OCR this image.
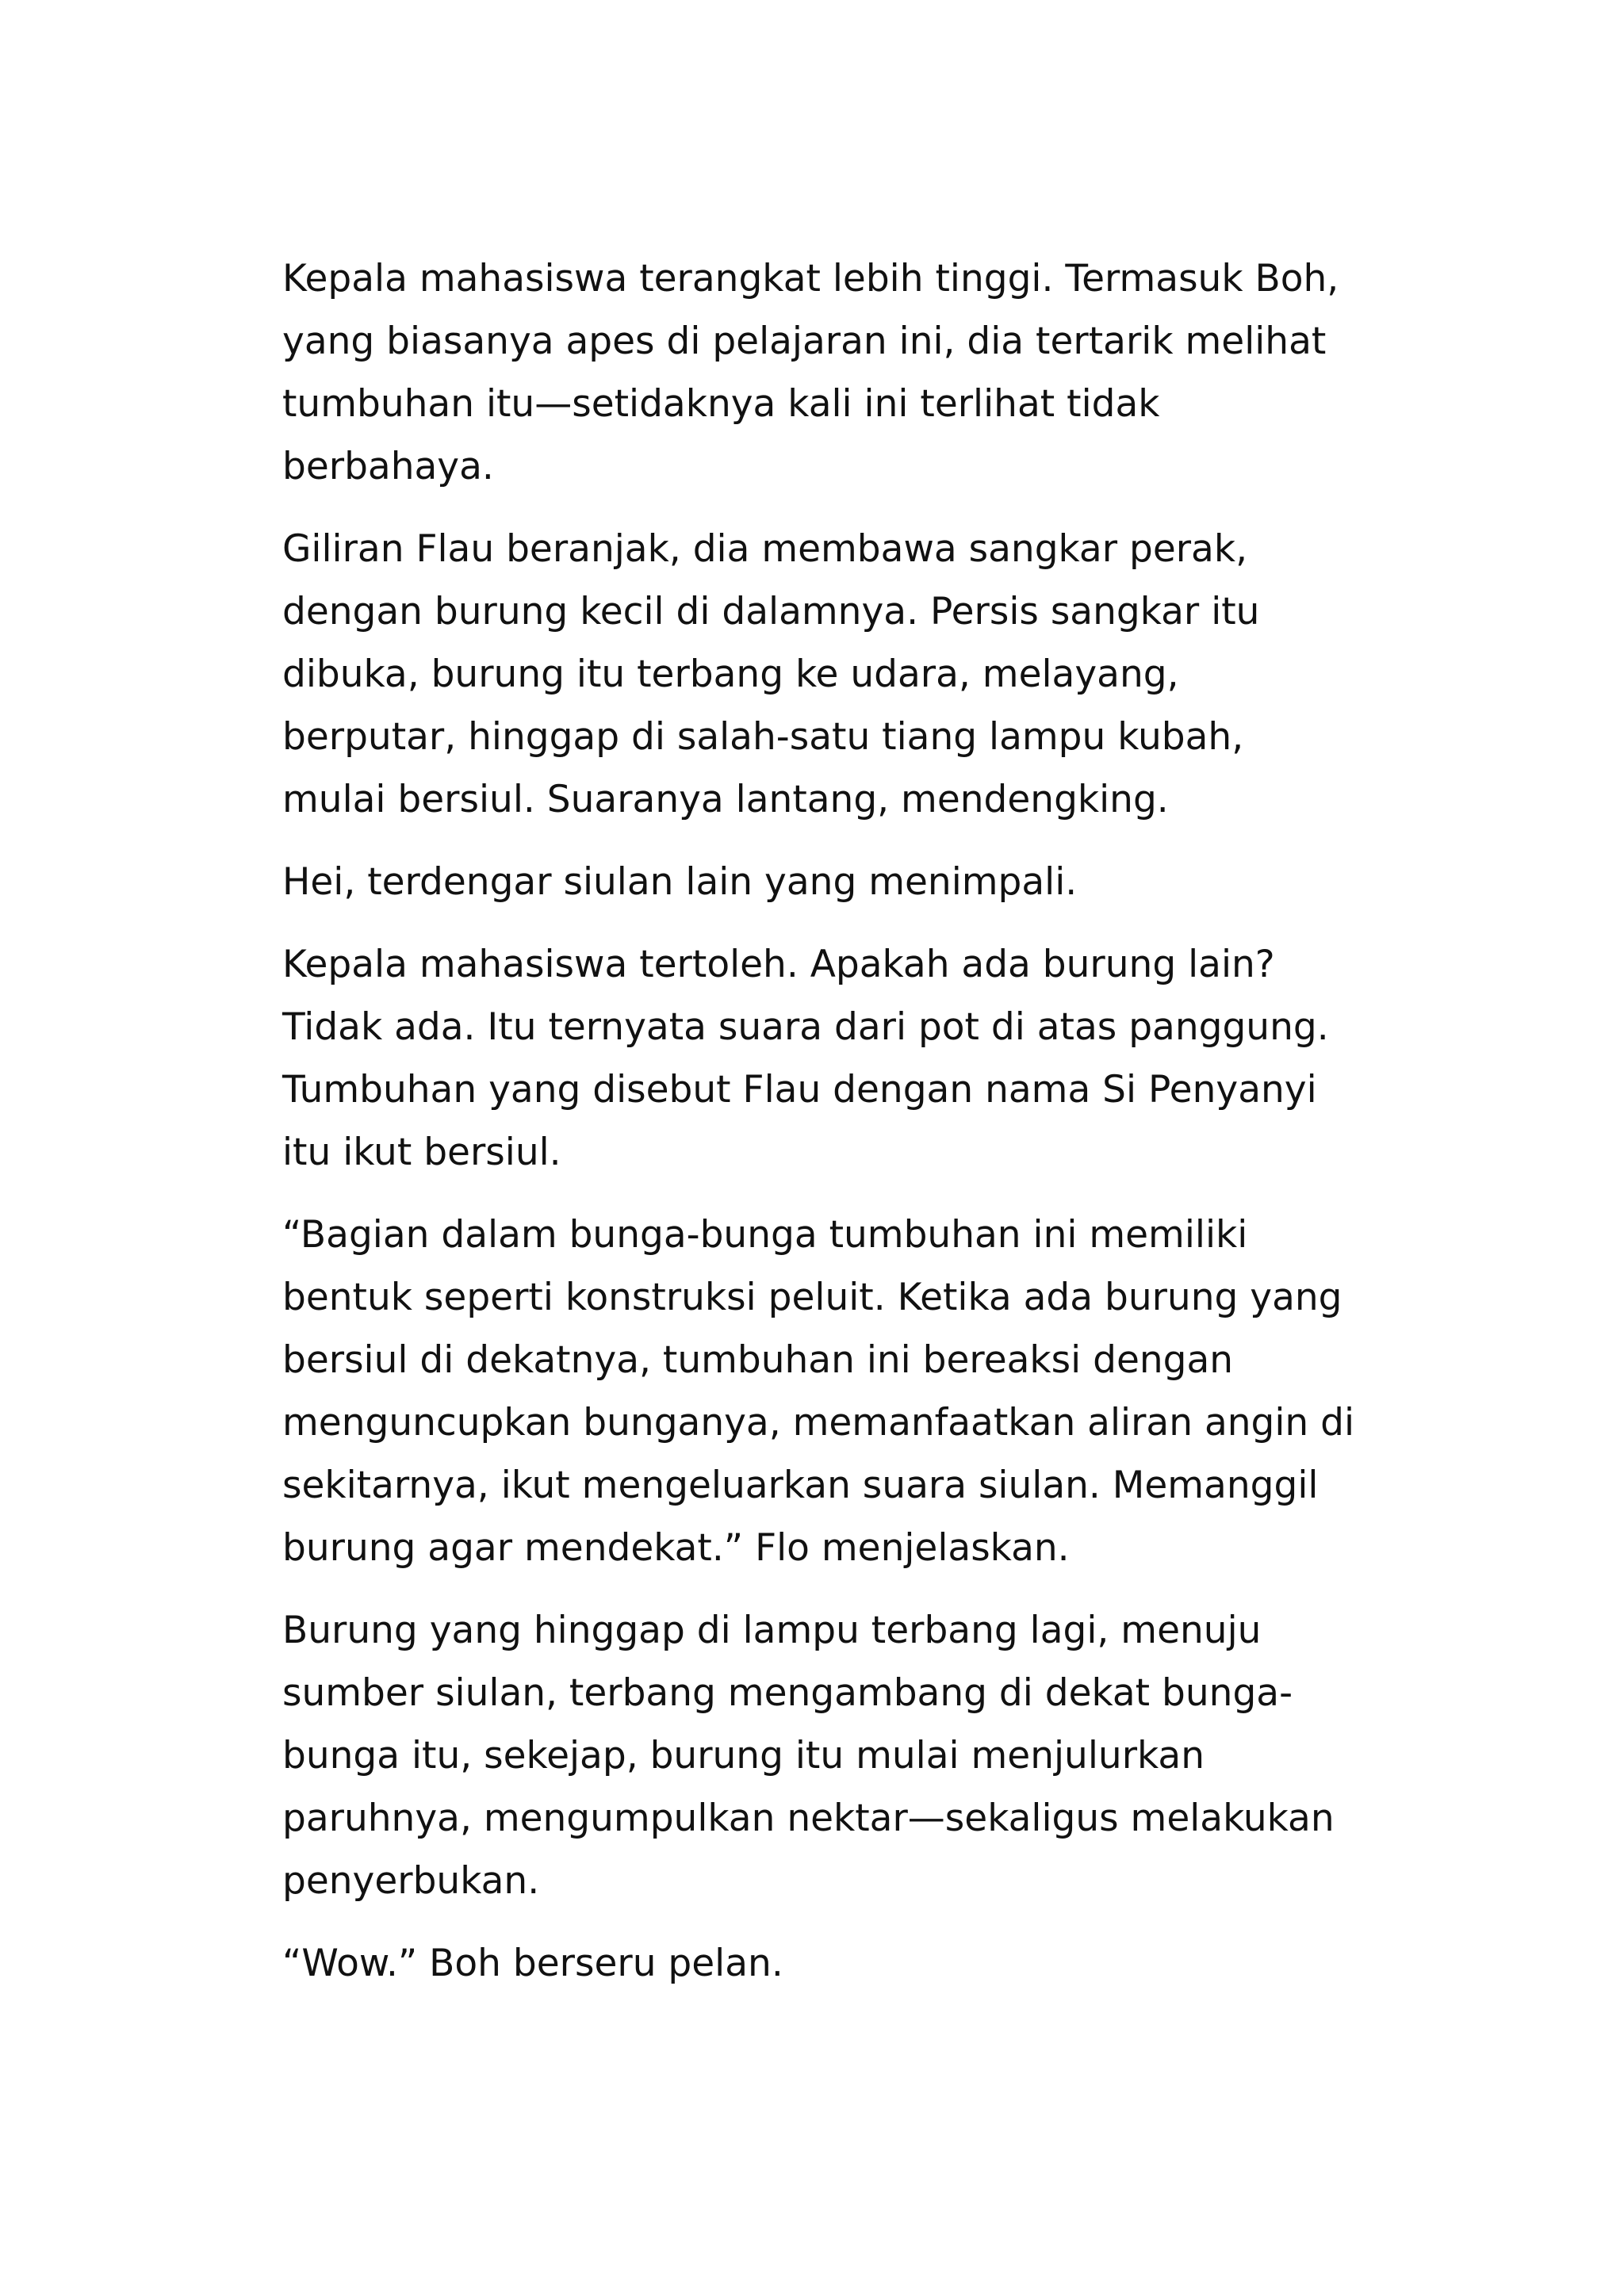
Kepala mahasiswa terangkat lebih tinggi. Termasuk Boh,
yang biasanya apes di pelajaran ini, dia tertarik melihat
tumbuhan itu—setidaknya kali ini terlihat tidak
berbahaya.

Giliran Flau beranjak, dia membawa sangkar perak,
dengan burung kecil di dalamnya. Persis sangkar itu
dibuka, burung itu terbang ke udara, melayang,
berputar, hinggap di salah-satu tiang lampu kubah,
mulai bersiul. Suaranya lantang, mendengking.

Hei, terdengar siulan lain yang menimpali.

Kepala mahasiswa tertoleh. Apakah ada burung lain?
Tidak ada. Itu ternyata suara dari pot di atas panggung.
Tumbuhan yang disebut Flau dengan nama Si Penyanyi
itu ikut bersiul.

“Bagian dalam bunga-bunga tumbuhan ini memiliki
bentuk seperti konstruksi peluit. Ketika ada burung yang
bersiul di dekatnya, tumbuhan ini bereaksi dengan
menguncupkan bunganya, memanfaatkan aliran angin di
sekitarnya, ikut mengeluarkan suara siulan. Memanggil
burung agar mendekat.” Flo menjelaskan.

Burung yang hinggap di lampu terbang lagi, menuju
sumber siulan, terbang mengambang di dekat bunga-
bunga itu, sekejap, burung itu mulai menjulurkan
paruhnya, mengumpulkan nektar—sekaligus melakukan
penyerbukan.

“Wow.” Boh berseru pelan.
